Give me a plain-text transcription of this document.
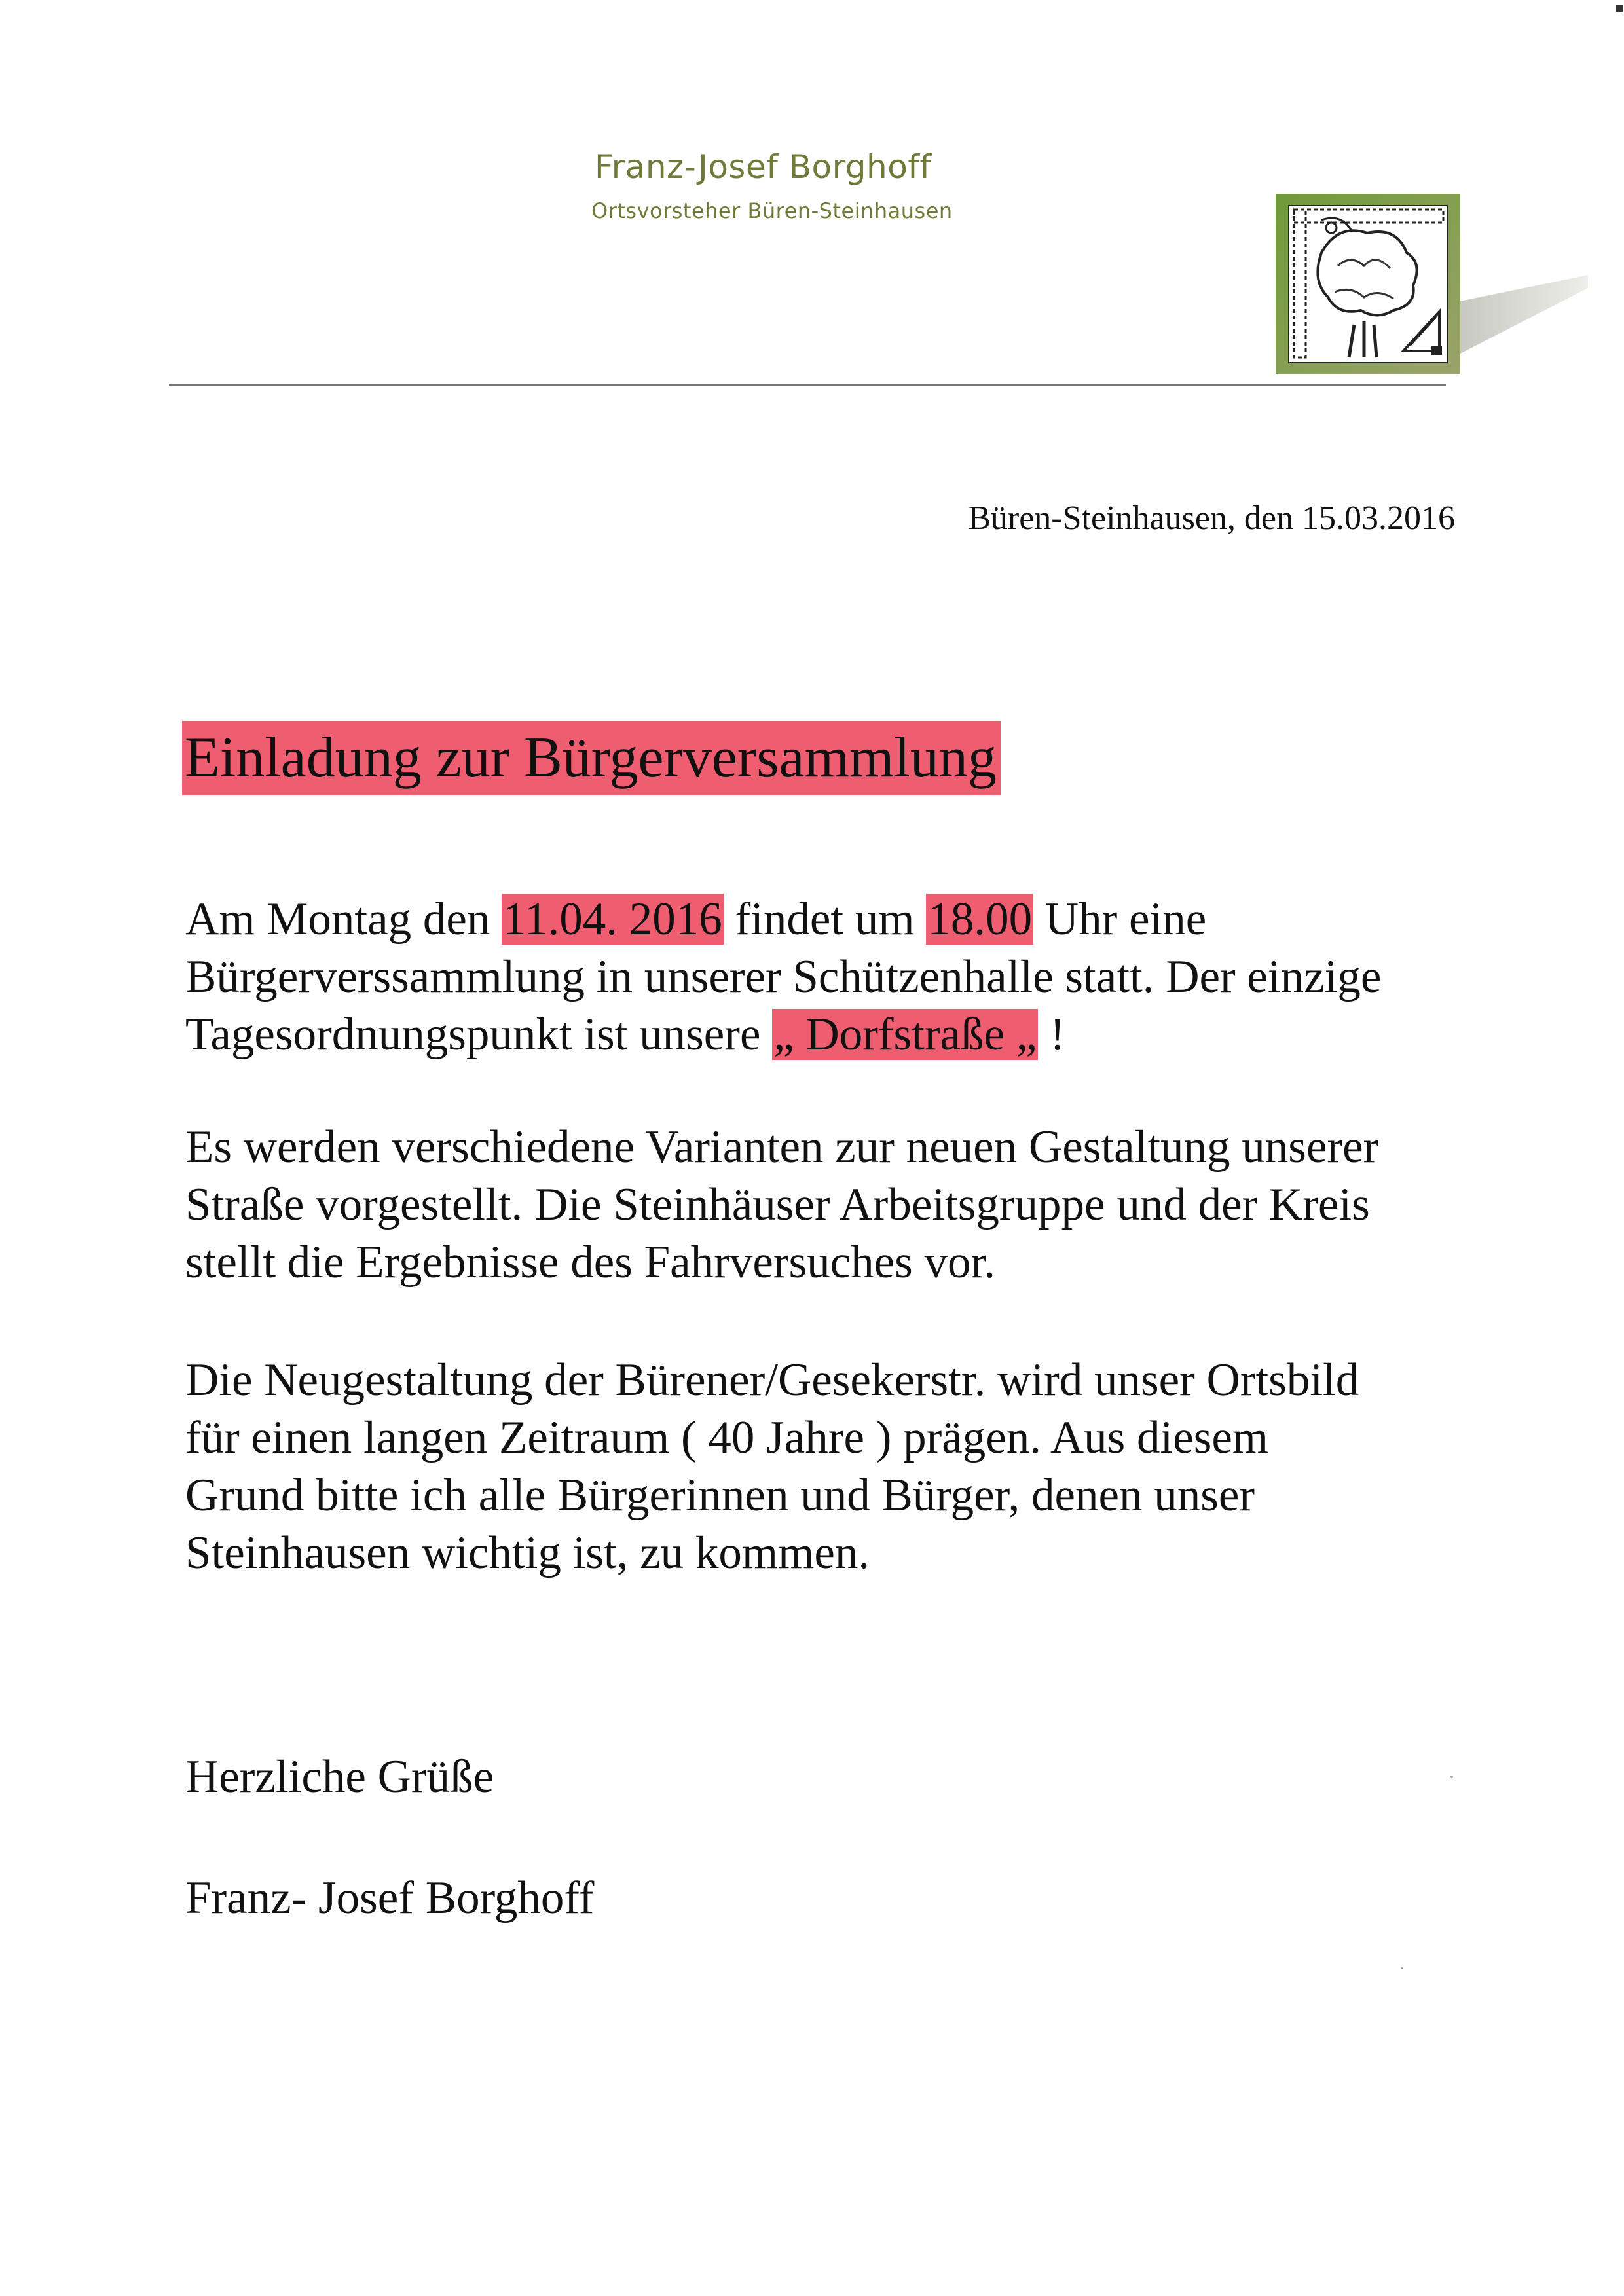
Franz-Josef Borghoff
Ortsvorsteher Büren-Steinhausen
Büren-Steinhausen, den 15.03.2016
Einladung zur Bürgerversammlung

Am Montag den 11.04. 2016 findet um 18.00 Uhr eine
Bürgerverssammlung in unserer Schützenhalle statt. Der einzige
Tagesordnungspunkt ist unsere „ Dorfstraße „ !

Es werden verschiedene Varianten zur neuen Gestaltung unserer
Straße vorgestellt. Die Steinhäuser Arbeitsgruppe und der Kreis
stellt die Ergebnisse des Fahrversuches vor.

Die Neugestaltung der Bürener/Gesekerstr. wird unser Ortsbild
für einen langen Zeitraum ( 40 Jahre ) prägen. Aus diesem
Grund bitte ich alle Bürgerinnen und Bürger, denen unser
Steinhausen wichtig ist, zu kommen.

Herzliche Grüße
Franz- Josef Borghoff
